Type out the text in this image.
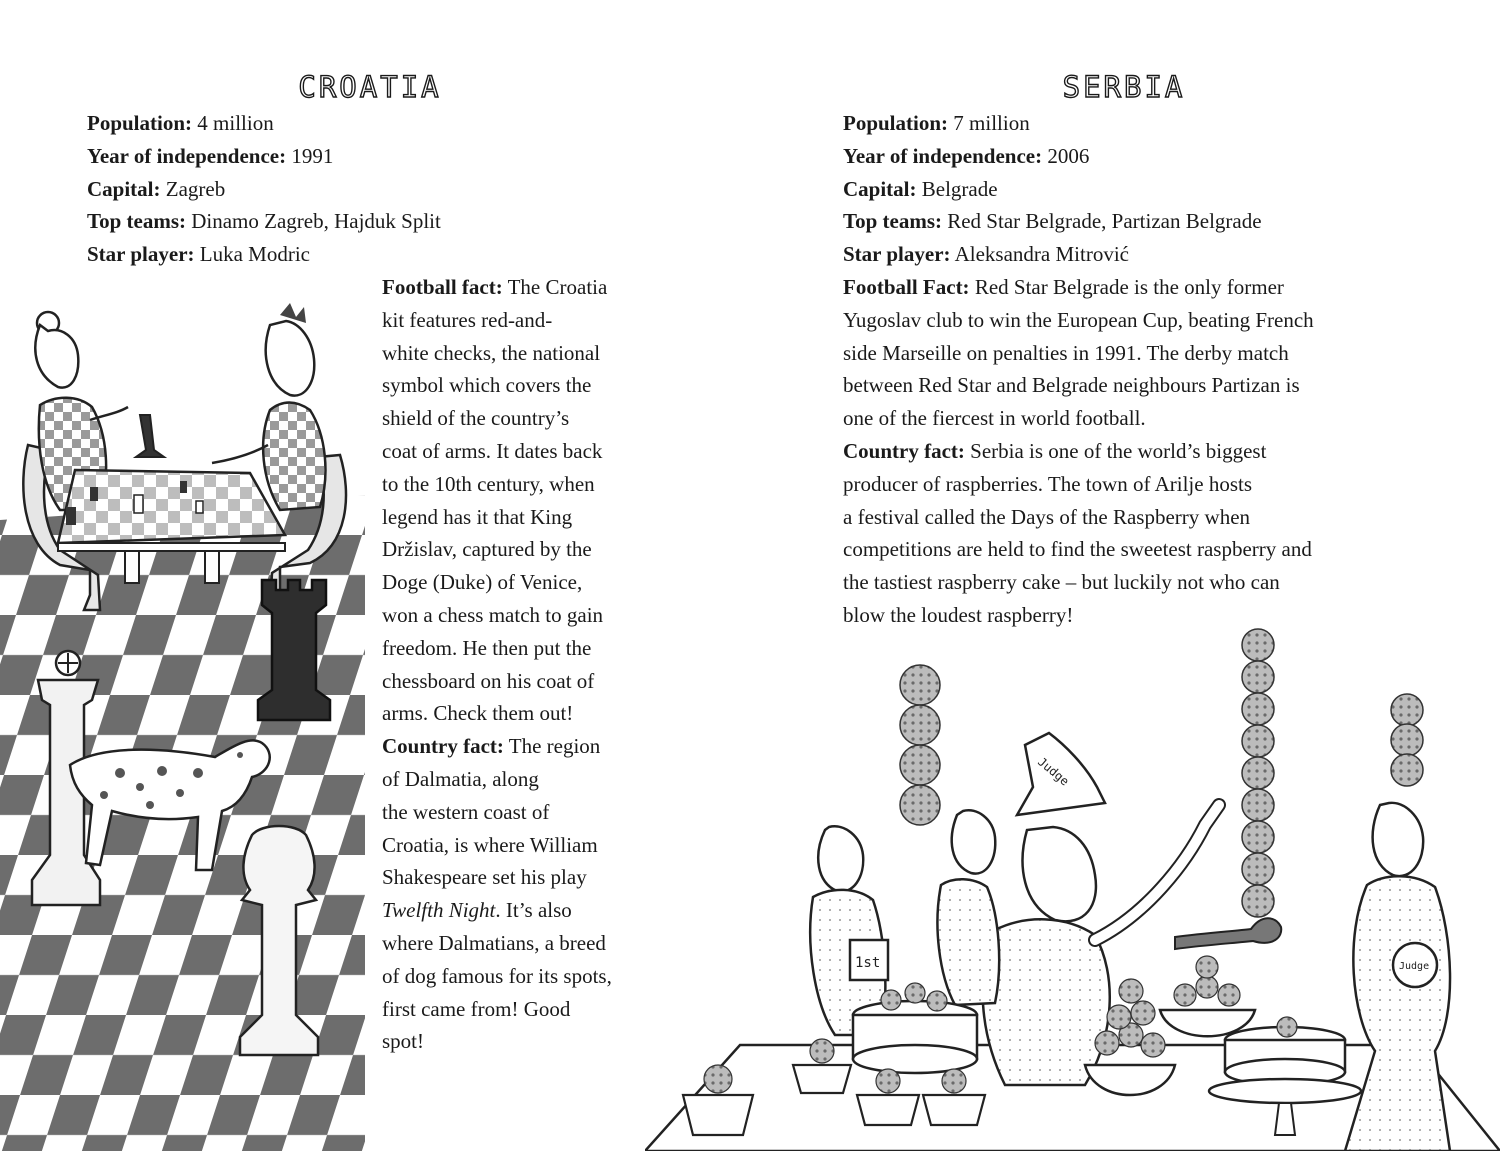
CROATIA
Population: 4 million
Year of independence: 1991
Capital: Zagreb
Top teams: Dinamo Zagreb, Hajduk Split
Star player: Luka Modric

Football fact: The Croatia
kit features red-and-
white checks, the national
symbol which covers the
shield of the country’s
coat of arms. It dates back
to the 10th century, when
legend has it that King
Držislav, captured by the
Doge (Duke) of Venice,
won a chess match to gain
freedom. He then put the
chessboard on his coat of
arms. Check them out!

Country fact: The region
of Dalmatia, along
the western coast of
Croatia, is where William
Shakespeare set his play
Twelfth Night. It’s also
where Dalmatians, a breed
of dog famous for its spots,
first came from! Good
spot!

SERBIA
Population: 7 million
Year of independence: 2006
Capital: Belgrade
Top teams: Red Star Belgrade, Partizan Belgrade
Star player: Aleksandra Mitrović

Football Fact: Red Star Belgrade is the only former
Yugoslav club to win the European Cup, beating French
side Marseille on penalties in 1991. The derby match
between Red Star and Belgrade neighbours Partizan is
one of the fiercest in world football.

Country fact: Serbia is one of the world’s biggest
producer of raspberries. The town of Arilje hosts
a festival called the Days of the Raspberry when
competitions are held to find the sweetest raspberry and
the tastiest raspberry cake – but luckily not who can
blow the loudest raspberry!

1st
Judge
Judge
